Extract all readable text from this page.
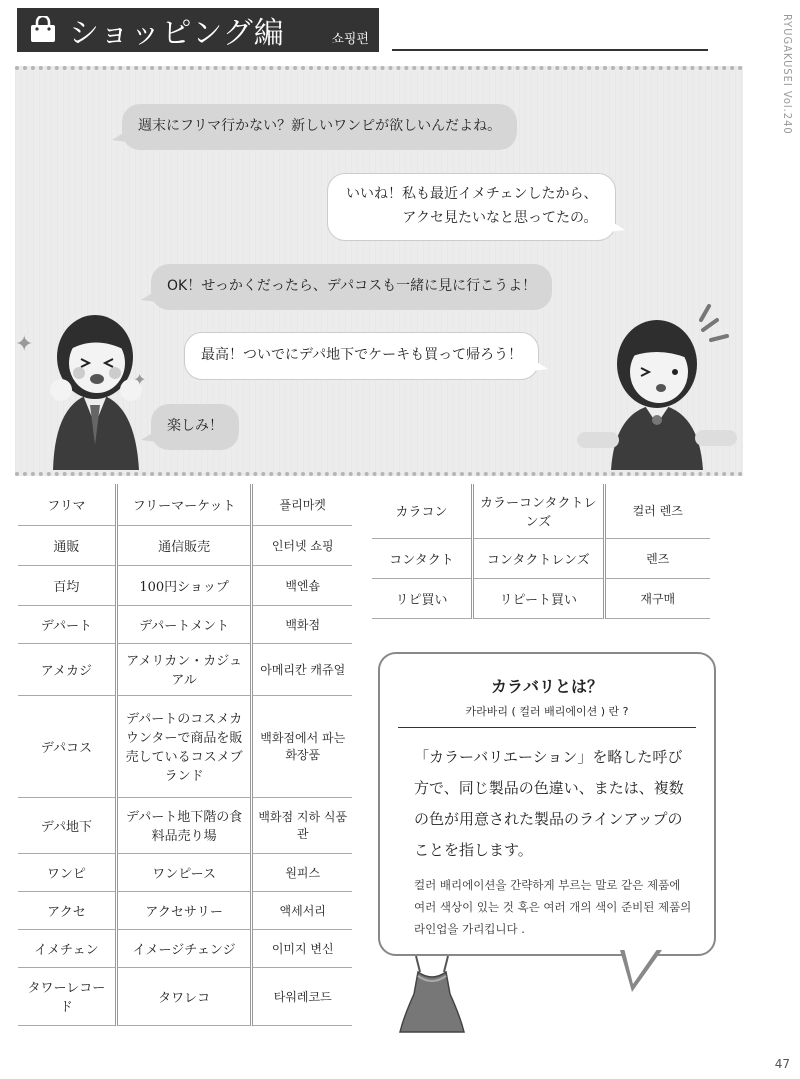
ショッピング編	쇼핑편	RYUGAKUSEI Vol.240
週末にフリマ行かない？新しいワンピが欲しいんだよね。
いいね！私も最近イメチェンしたから、
アクセ見たいなと思ってたの。
OK！せっかくだったら、デパコスも一緒に見に行こうよ！
最高！ついでにデパ地下でケーキも買って帰ろう！
楽しみ！
✦
✦
フリマ	フリーマーケット	플리마켓
通販	通信販売	인터넷 쇼핑
百均	100円ショップ	백엔숍
デパート	デパートメント	백화점
アメカジ	アメリカン・カジュアル	아메리칸 캐쥬얼
デパコス	デパートのコスメカウンターで商品を販売しているコスメブランド	백화점에서 파는 화장품
デパ地下	デパート地下階の食料品売り場	백화점 지하 식품관
ワンピ	ワンピース	원피스
アクセ	アクセサリー	액세서리
イメチェン	イメージチェンジ	이미지 변신
タワーレコード	タワレコ	타워레코드
カラコン	カラーコンタクトレンズ	컬러 렌즈
コンタクト	コンタクトレンズ	렌즈
リピ買い	リピート買い	재구매
カラバリとは？
카라바리 ( 컬러 배리에이션 ) 란 ?
「カラーバリエーション」を略した呼び方で、同じ製品の色違い、または、複数の色が用意された製品のラインアップのことを指します。
컬러 배리에이션을 간략하게 부르는 말로 같은 제품에 여러 색상이 있는 것 혹은 여러 개의 색이 준비된 제품의 라인업을 가리킵니다 .
47
